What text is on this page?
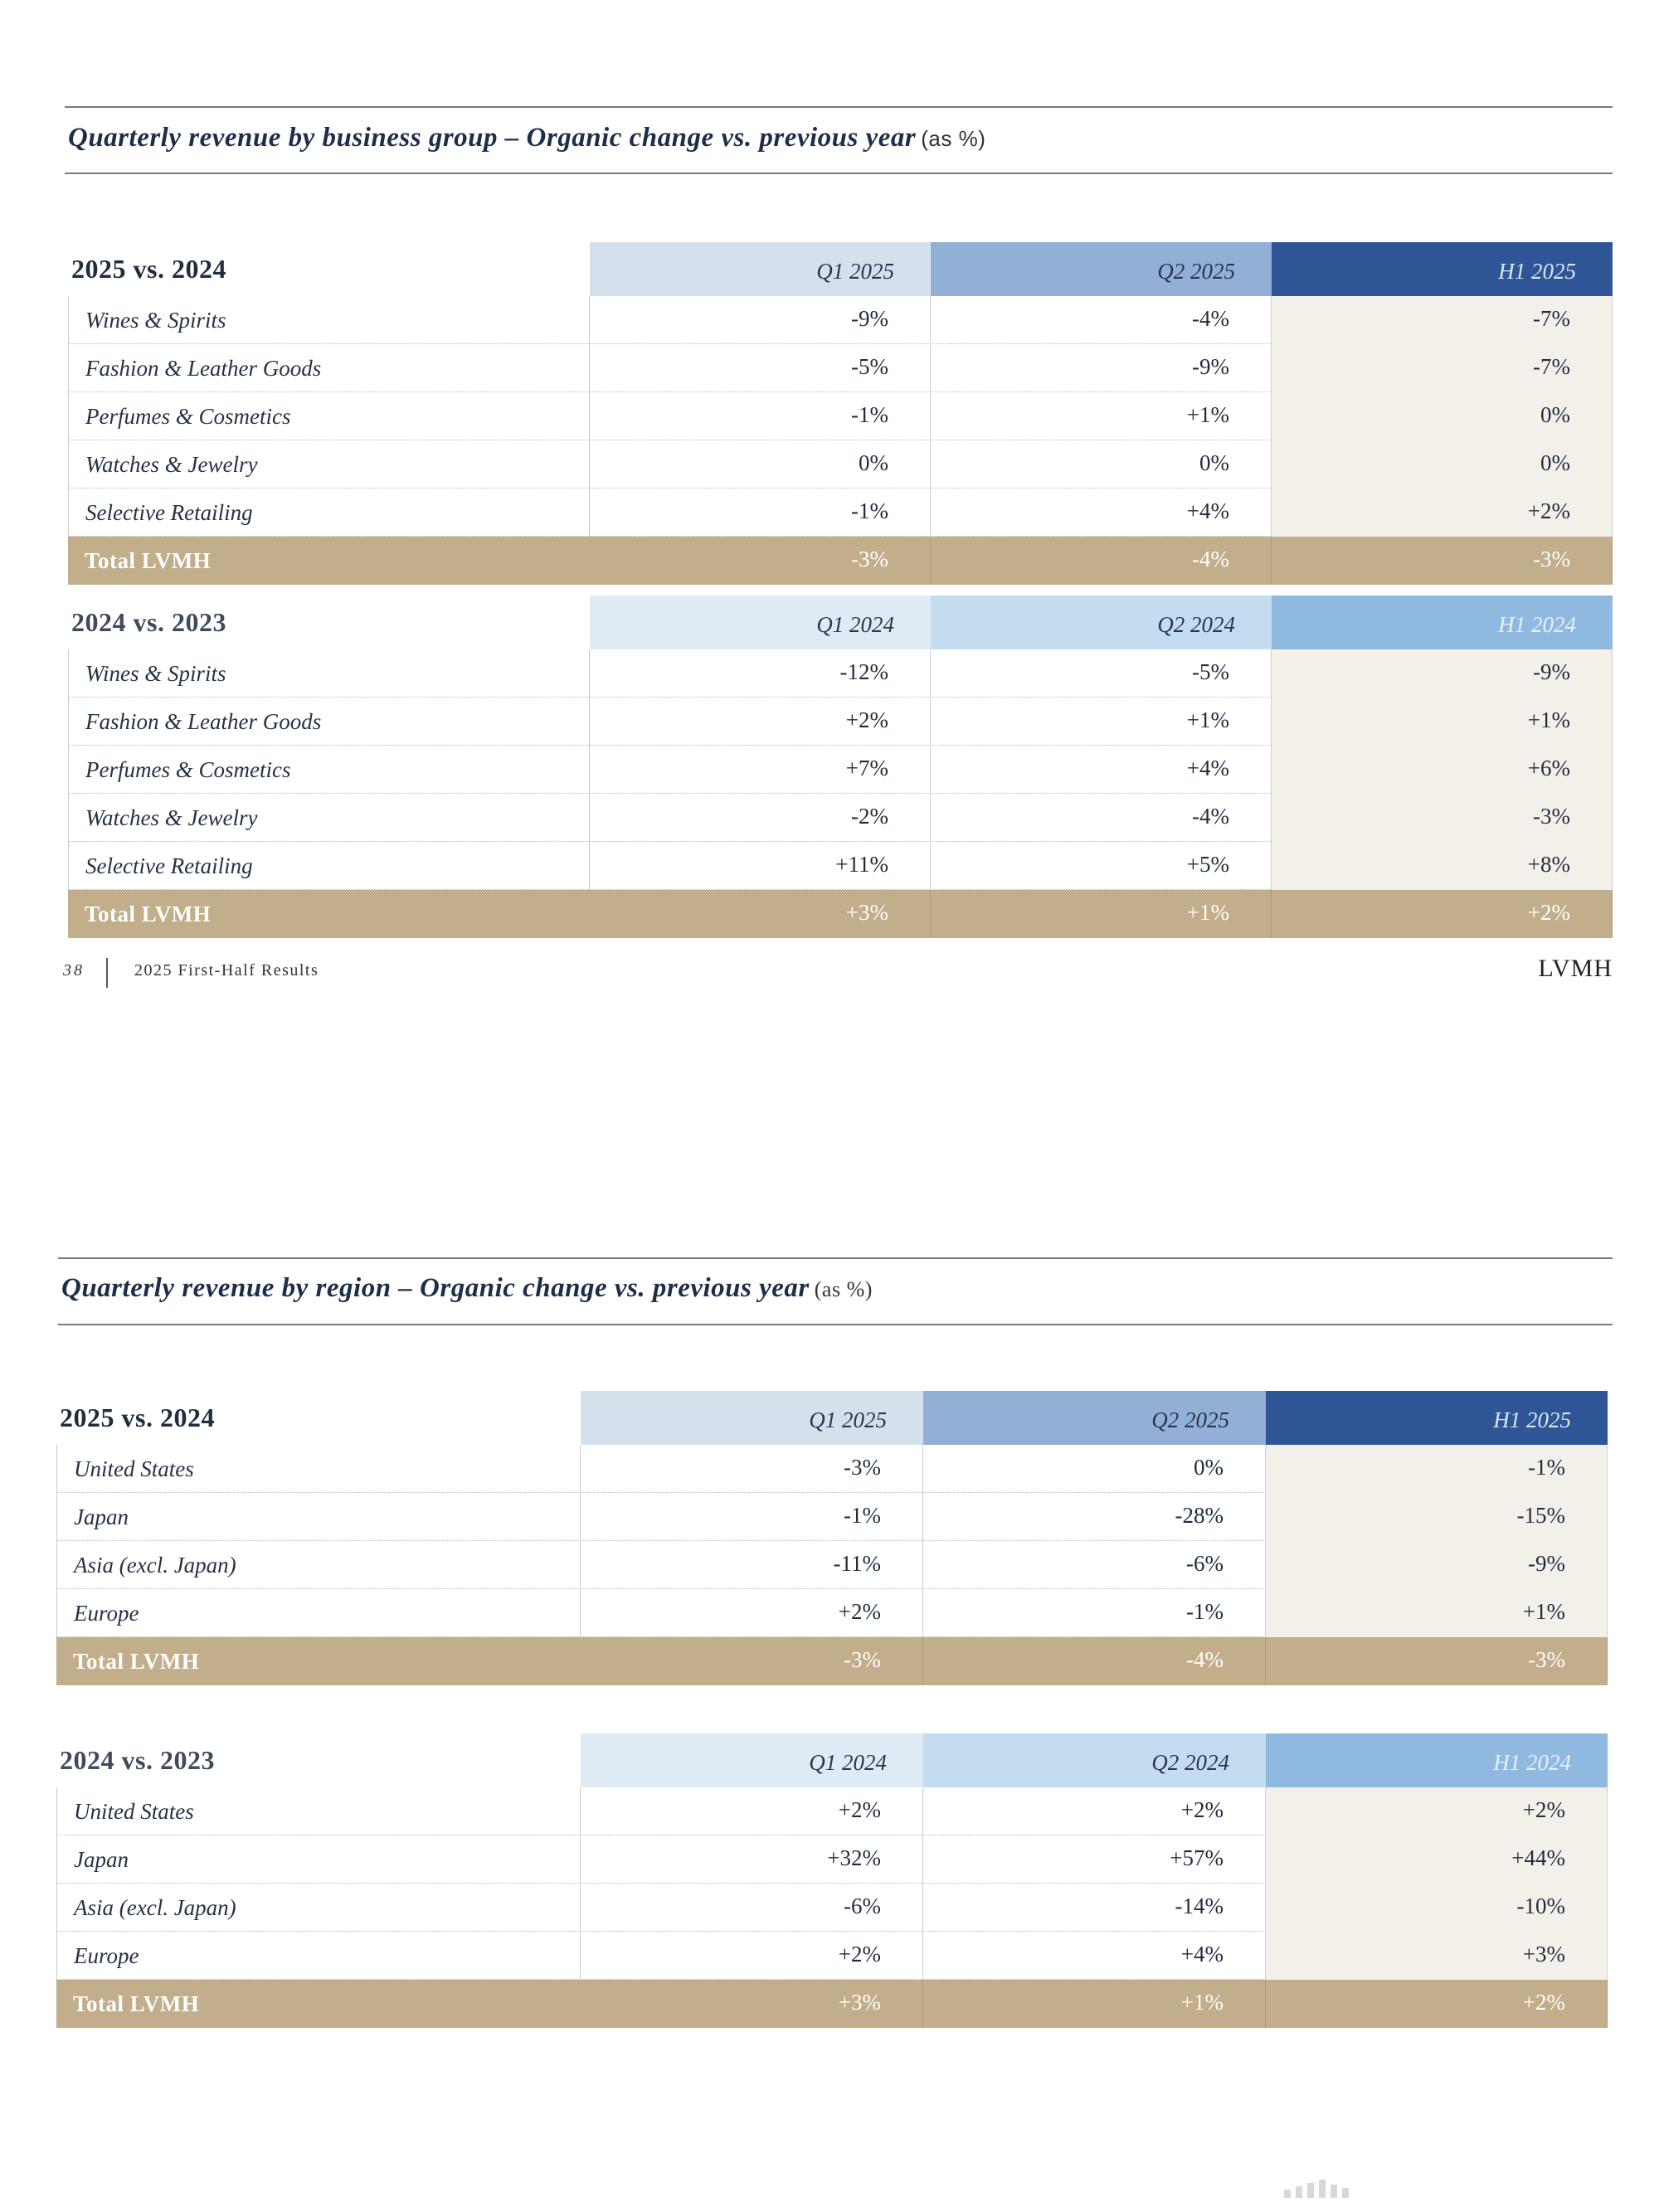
Quarterly revenue by business group – Organic change vs. previous year (as %)
2025 vs. 2024	Q1 2025	Q2 2025	H1 2025
Wines & Spirits	-9%	-4%	-7%
Fashion & Leather Goods	-5%	-9%	-7%
Perfumes & Cosmetics	-1%	+1%	0%
Watches & Jewelry	0%	0%	0%
Selective Retailing	-1%	+4%	+2%
Total LVMH	-3%	-4%	-3%
2024 vs. 2023	Q1 2024	Q2 2024	H1 2024
Wines & Spirits	-12%	-5%	-9%
Fashion & Leather Goods	+2%	+1%	+1%
Perfumes & Cosmetics	+7%	+4%	+6%
Watches & Jewelry	-2%	-4%	-3%
Selective Retailing	+11%	+5%	+8%
Total LVMH	+3%	+1%	+2%
38	2025 First-Half Results	LVMH
Quarterly revenue by region – Organic change vs. previous year (as %)
2025 vs. 2024	Q1 2025	Q2 2025	H1 2025
United States	-3%	0%	-1%
Japan	-1%	-28%	-15%
Asia (excl. Japan)	-11%	-6%	-9%
Europe	+2%	-1%	+1%
Total LVMH	-3%	-4%	-3%
2024 vs. 2023	Q1 2024	Q2 2024	H1 2024
United States	+2%	+2%	+2%
Japan	+32%	+57%	+44%
Asia (excl. Japan)	-6%	-14%	-10%
Europe	+2%	+4%	+3%
Total LVMH	+3%	+1%	+2%
